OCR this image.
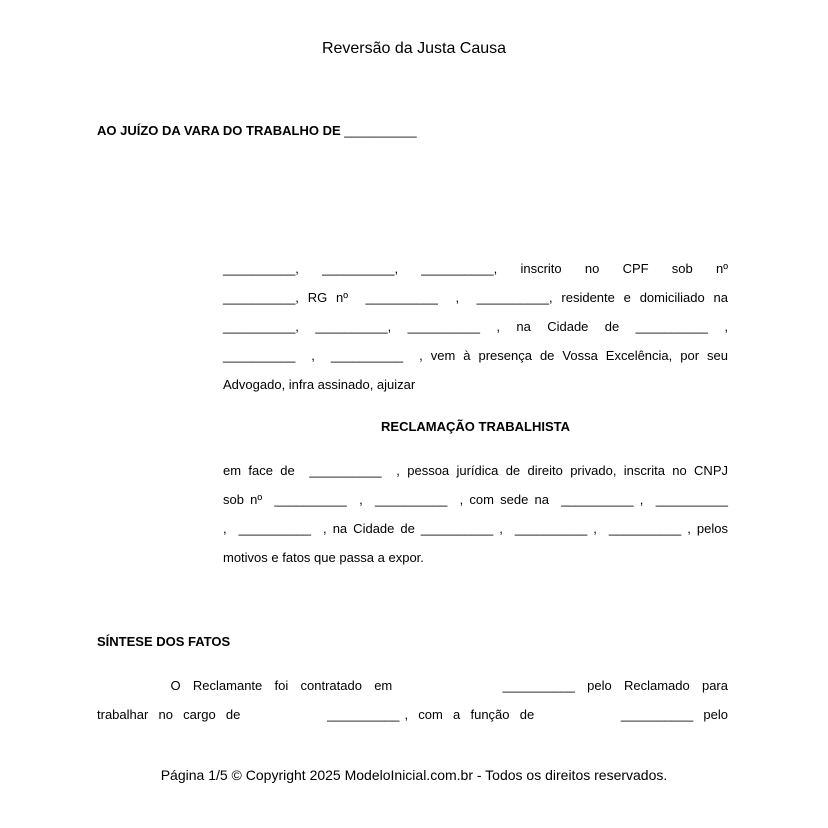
Reversão da Justa Causa
AO JUÍZO DA VARA DO TRABALHO DE __________
__________,  __________,  __________,  inscrito  no  CPF  sob  nº
__________, RG nº  __________  ,  __________, residente e domiciliado na
__________,  __________,  __________  ,  na  Cidade  de  __________  ,
__________  ,  __________  , vem à presença de Vossa Excelência, por seu
Advogado, infra assinado, ajuizar
RECLAMAÇÃO TRABALHISTA
em face de  __________  , pessoa jurídica de direito privado, inscrita no CNPJ
sob nº  __________  ,  __________  , com sede na  __________ ,  __________
,  __________  , na Cidade de __________ ,  __________ ,  __________ , pelos
motivos e fatos que passa a expor.
SÍNTESE DOS FATOS
O  Reclamante  foi  contratado  em                  __________  pelo  Reclamado  para
trabalhar  no  cargo  de                 __________ ,  com  a  função  de                 __________  pelo
Página 1/5 © Copyright 2025 ModeloInicial.com.br - Todos os direitos reservados.
